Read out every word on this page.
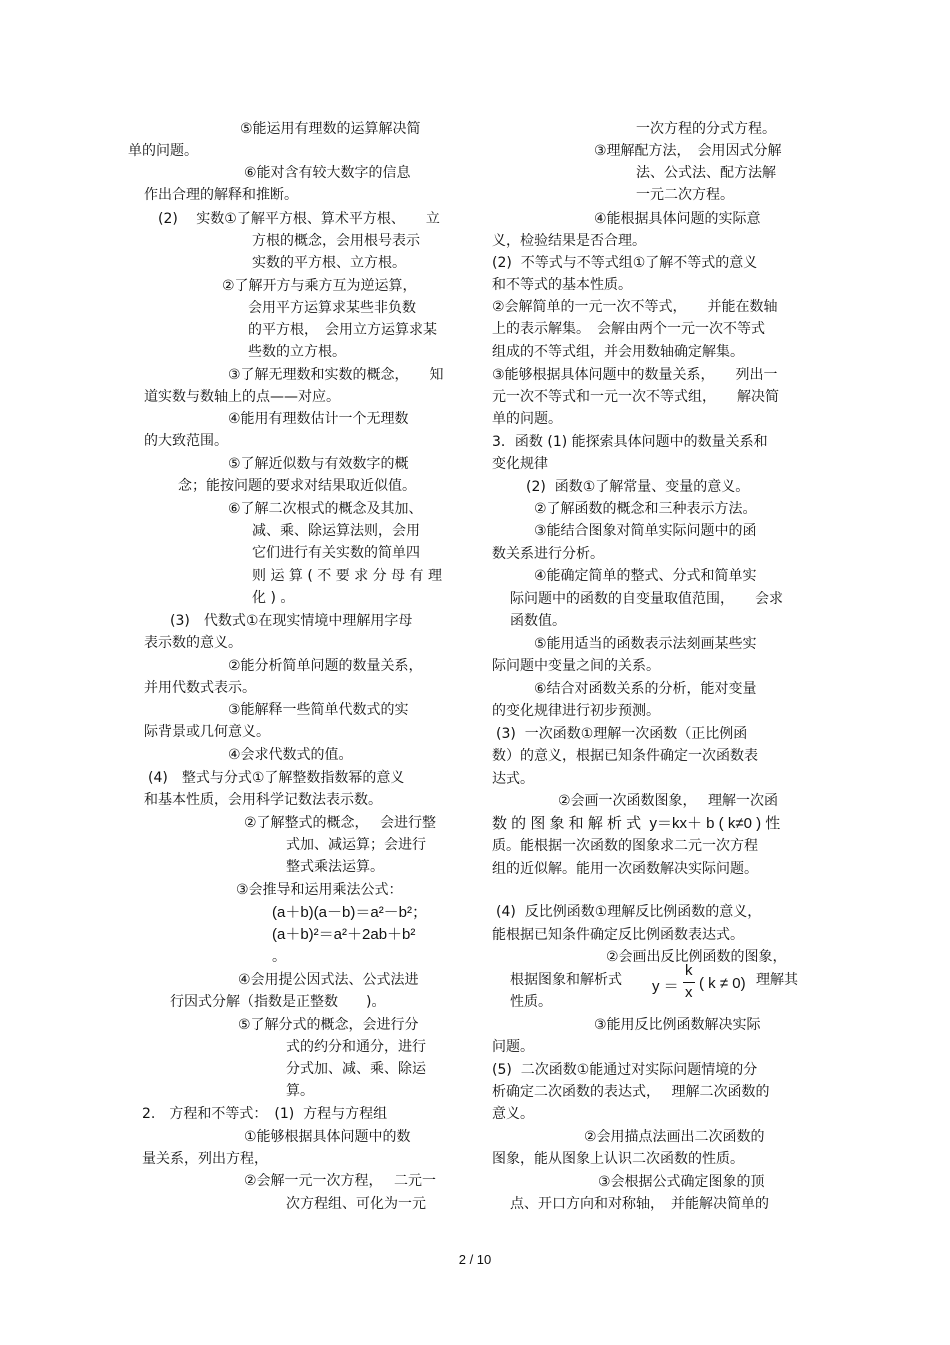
⑤能运用有理数的运算解决简
单的问题。
⑥能对含有较大数字的信息
作出合理的解释和推断。
(2)　 实数①了解平方根、算术平方根、　　立
方根的概念，会用根号表示
实数的平方根、立方根。
②了解开方与乘方互为逆运算，
会用平方运算求某些非负数
的平方根，　会用立方运算求某
些数的立方根。
③了解无理数和实数的概念，　　知
道实数与数轴上的点——对应。
④能用有理数估计一个无理数
的大致范围。
⑤了解近似数与有效数字的概
念；能按问题的要求对结果取近似值。
⑥了解二次根式的概念及其加、
减、乘、除运算法则，会用
它们进行有关实数的简单四
则 运 算 ( 不 要 求 分 母 有 理
化 ) 。
(3)　代数式①在现实情境中理解用字母
表示数的意义。
②能分析简单问题的数量关系，
并用代数式表示。
③能解释一些简单代数式的实
际背景或几何意义。
④会求代数式的值。
(4)　整式与分式①了解整数指数幂的意义
和基本性质，会用科学记数法表示数。
②了解整式的概念，　 会进行整
式加、减运算；会进行
整式乘法运算。
③会推导和运用乘法公式：
(a＋b)(a－b)＝a²－b²；
(a＋b)²＝a²＋2ab＋b²
。
④会用提公因式法、公式法进
行因式分解（指数是正整数　　)。
⑤了解分式的概念，会进行分
式的约分和通分，进行
分式加、减、乘、除运
算。
2.　方程和不等式：　(1)  方程与方程组
①能够根据具体问题中的数
量关系，列出方程，
②会解一元一次方程，　 二元一
次方程组、可化为一元
一次方程的分式方程。
③理解配方法，　会用因式分解
法、公式法、配方法解
一元二次方程。
④能根据具体问题的实际意
义，检验结果是否合理。
(2)  不等式与不等式组①了解不等式的意义
和不等式的基本性质。
②会解简单的一元一次不等式，　　并能在数轴
上的表示解集。　会解由两个一元一次不等式
组成的不等式组，并会用数轴确定解集。
③能够根据具体问题中的数量关系，　　列出一
元一次不等式和一元一次不等式组，　　解决简
单的问题。
3．函数 (1) 能探索具体问题中的数量关系和
变化规律
(2)  函数①了解常量、变量的意义。
②了解函数的概念和三种表示方法。
③能结合图象对简单实际问题中的函
数关系进行分析。
④能确定简单的整式、分式和简单实
际问题中的函数的自变量取值范围，　　会求
函数值。
⑤能用适当的函数表示法刻画某些实
际问题中变量之间的关系。
⑥结合对函数关系的分析，能对变量
的变化规律进行初步预测。
(3)  一次函数①理解一次函数（正比例函
数）的意义，根据已知条件确定一次函数表
达式。
②会画一次函数图象，　 理解一次函
数 的 图 象 和 解 析 式  y＝kx＋ b ( k≠0 ) 性
质。能根据一次函数的图象求二元一次方程
组的近似解。能用一次函数解决实际问题。
(4)  反比例函数①理解反比例函数的意义，
能根据已知条件确定反比例函数表达式。
②会画出反比例函数的图象，
根据图象和解析式	理解其
性质。
③能用反比例函数解决实际
问题。
(5)  二次函数①能通过对实际问题情境的分
析确定二次函数的表达式，　 理解二次函数的
意义。
②会用描点法画出二次函数的
图象，能从图象上认识二次函数的性质。
③会根据公式确定图象的顶
点、开口方向和对称轴，　并能解决简单的
y ＝
k
x
( k ≠ 0)
2 / 10
